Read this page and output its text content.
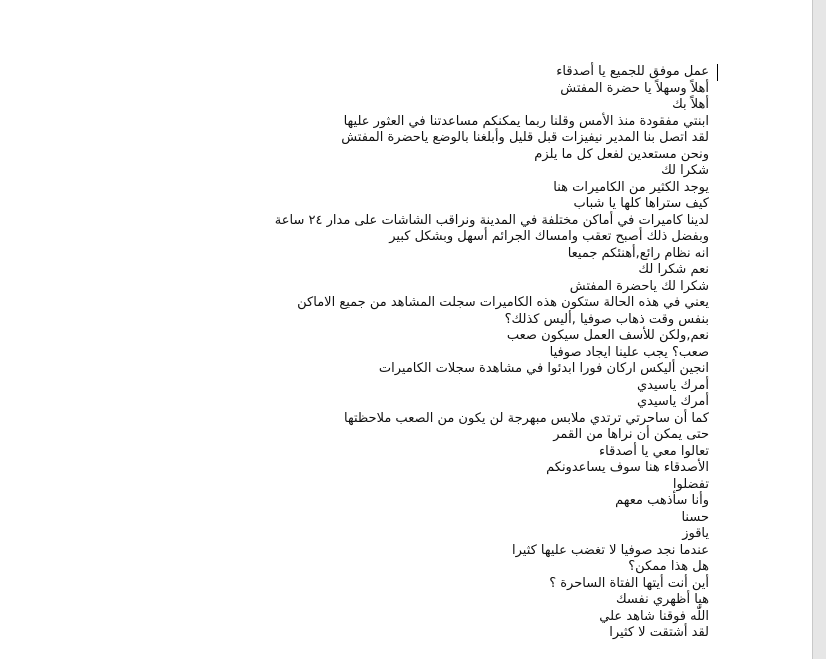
عمل موفق للجميع يا أصدقاء
أهلاً وسهلاً يا حضرة المفتش
أهلاً بك
ابنتي مفقودة منذ الأمس وقلنا ربما يمكنكم مساعدتنا في العثور عليها
لقد اتصل بنا المدير نيفيزات قبل قليل وأبلغنا بالوضع ياحضرة المفتش
ونحن مستعدين لفعل كل ما يلزم
شكرا لك
يوجد الكثير من الكاميرات هنا
كيف ستراها كلها يا شباب
لدينا كاميرات في أماكن مختلفة في المدينة ونراقب الشاشات على مدار ٢٤ ساعة
وبفضل ذلك أصبح تعقب وامساك الجرائم أسهل وبشكل كبير
انه نظام رائع,أهنئكم جميعا
نعم شكرا لك
شكرا لك ياحضرة المفتش
يعني في هذه الحالة ستكون هذه الكاميرات سجلت المشاهد من جميع الاماكن
بنفس وقت ذهاب صوفيا ,أليس كذلك؟
نعم,ولكن للأسف العمل سيكون صعب
صعب؟ يجب علينا ايجاد صوفيا
انجين أليكس اركان فورا ابدئوا في مشاهدة سجلات الكاميرات
أمرك ياسيدي
أمرك ياسيدي
كما أن ساحرتي ترتدي ملابس مبهرجة لن يكون من الصعب ملاحظتها
حتى يمكن أن نراها من القمر
تعالوا معي يا أصدقاء
الأصدقاء هنا سوف يساعدونكم
تفضلوا
وأنا سأذهب معهم
حسنا
ياقوز
عندما نجد صوفيا لا تغضب عليها كثيرا
هل هذا ممكن؟
أين أنت أيتها الفتاة الساحرة ؟
هيا أظهري نفسك
اللّٰه فوقنا شاهد علي
لقد أشتقت لا كثيرا
